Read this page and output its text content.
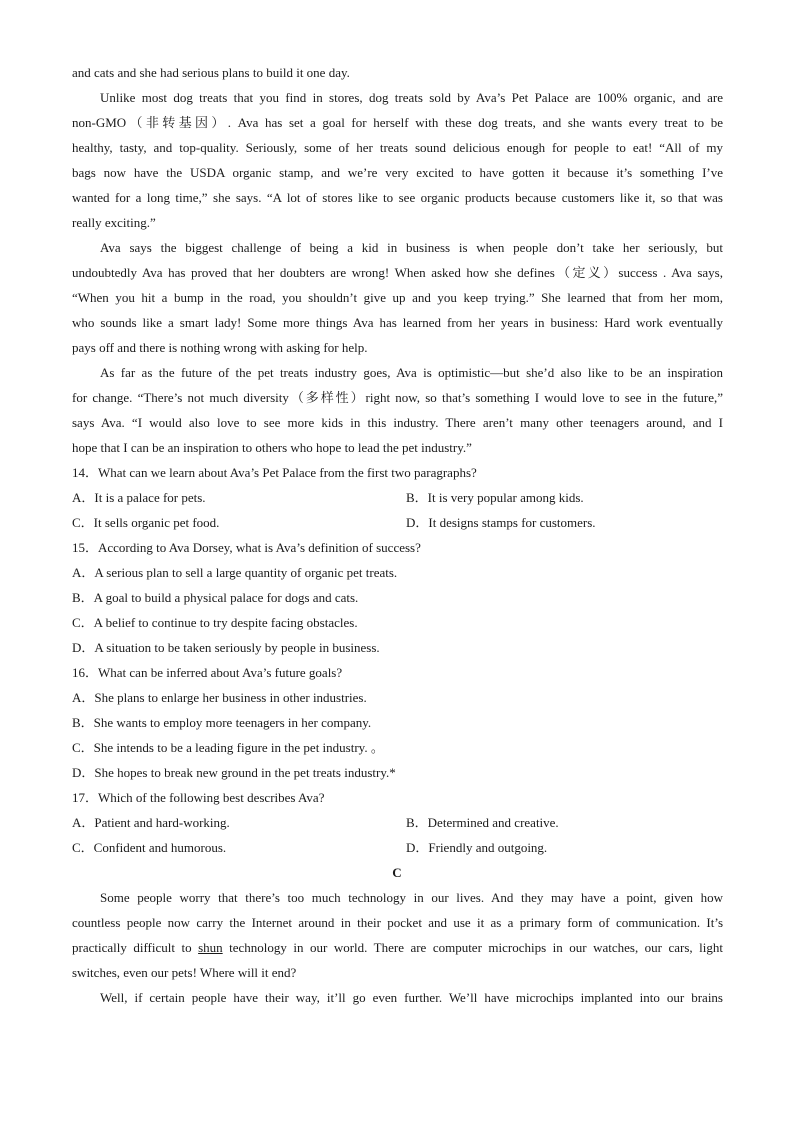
and cats and she had serious plans to build it one day.
Unlike most dog treats that you find in stores, dog treats sold by Ava’s Pet Palace are 100% organic, and are
non-GMO（非转基因）. Ava has set a goal for herself with these dog treats, and she wants every treat to be
healthy, tasty, and top-quality. Seriously, some of her treats sound delicious enough for people to eat! “All of my
bags now have the USDA organic stamp, and we’re very excited to have gotten it because it’s something I’ve
wanted for a long time,” she says. “A lot of stores like to see organic products because customers like it, so that was
really exciting.”
Ava says the biggest challenge of being a kid in business is when people don’t take her seriously, but
undoubtedly Ava has proved that her doubters are wrong! When asked how she defines（定义）success . Ava says,
“When you hit a bump in the road, you shouldn’t give up and you keep trying.” She learned that from her mom,
who sounds like a smart lady! Some more things Ava has learned from her years in business: Hard work eventually
pays off and there is nothing wrong with asking for help.
As far as the future of the pet treats industry goes, Ava is optimistic—but she’d also like to be an inspiration
for change. “There’s not much diversity（多样性）right now, so that’s something I would love to see in the future,”
says Ava. “I would also love to see more kids in this industry. There aren’t many other teenagers around, and I
hope that I can be an inspiration to others who hope to lead the pet industry.”
14．What can we learn about Ava’s Pet Palace from the first two paragraphs?
A．It is a palace for pets.	B．It is very popular among kids.
C．It sells organic pet food.	D．It designs stamps for customers.
15．According to Ava Dorsey, what is Ava’s definition of success?
A．A serious plan to sell a large quantity of organic pet treats.
B．A goal to build a physical palace for dogs and cats.
C．A belief to continue to try despite facing obstacles.
D．A situation to be taken seriously by people in business.
16．What can be inferred about Ava’s future goals?
A．She plans to enlarge her business in other industries.
B．She wants to employ more teenagers in her company.
C．She intends to be a leading figure in the pet industry. 。
D．She hopes to break new ground in the pet treats industry.*
17．Which of the following best describes Ava?
A．Patient and hard-working.	B．Determined and creative.
C．Confident and humorous.	D．Friendly and outgoing.
C
Some people worry that there’s too much technology in our lives. And they may have a point, given how
countless people now carry the Internet around in their pocket and use it as a primary form of communication. It’s
practically difficult to shun technology in our world. There are computer microchips in our watches, our cars, light
switches, even our pets! Where will it end?
Well, if certain people have their way, it’ll go even further. We’ll have microchips implanted into our brains
